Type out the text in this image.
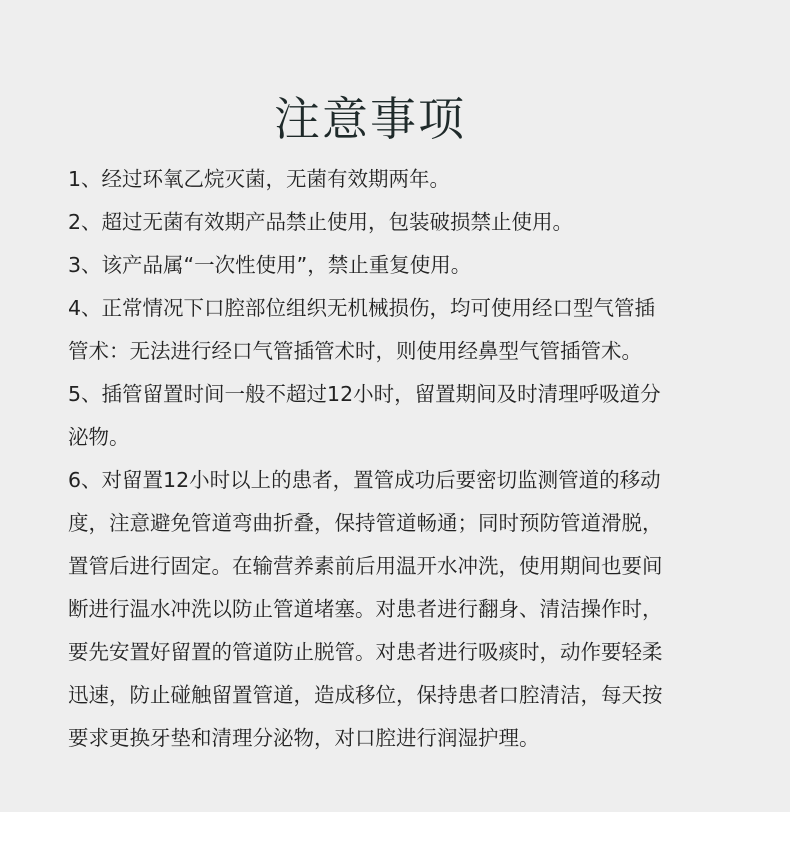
注意事项

1、经过环氧乙烷灭菌，无菌有效期两年。

2、超过无菌有效期产品禁止使用，包装破损禁止使用。

3、该产品属“一次性使用”，禁止重复使用。

4、正常情况下口腔部位组织无机械损伤，均可使用经口型气管插

管术：无法进行经口气管插管术时，则使用经鼻型气管插管术。

5、插管留置时间一般不超过12小时，留置期间及时清理呼吸道分

泌物。

6、对留置12小时以上的患者，置管成功后要密切监测管道的移动

度，注意避免管道弯曲折叠，保持管道畅通；同时预防管道滑脱，

置管后进行固定。在输营养素前后用温开水冲洗，使用期间也要间

断进行温水冲洗以防止管道堵塞。对患者进行翻身、清洁操作时，

要先安置好留置的管道防止脱管。对患者进行吸痰时，动作要轻柔

迅速，防止碰触留置管道，造成移位，保持患者口腔清洁，每天按

要求更换牙垫和清理分泌物，对口腔进行润湿护理。
